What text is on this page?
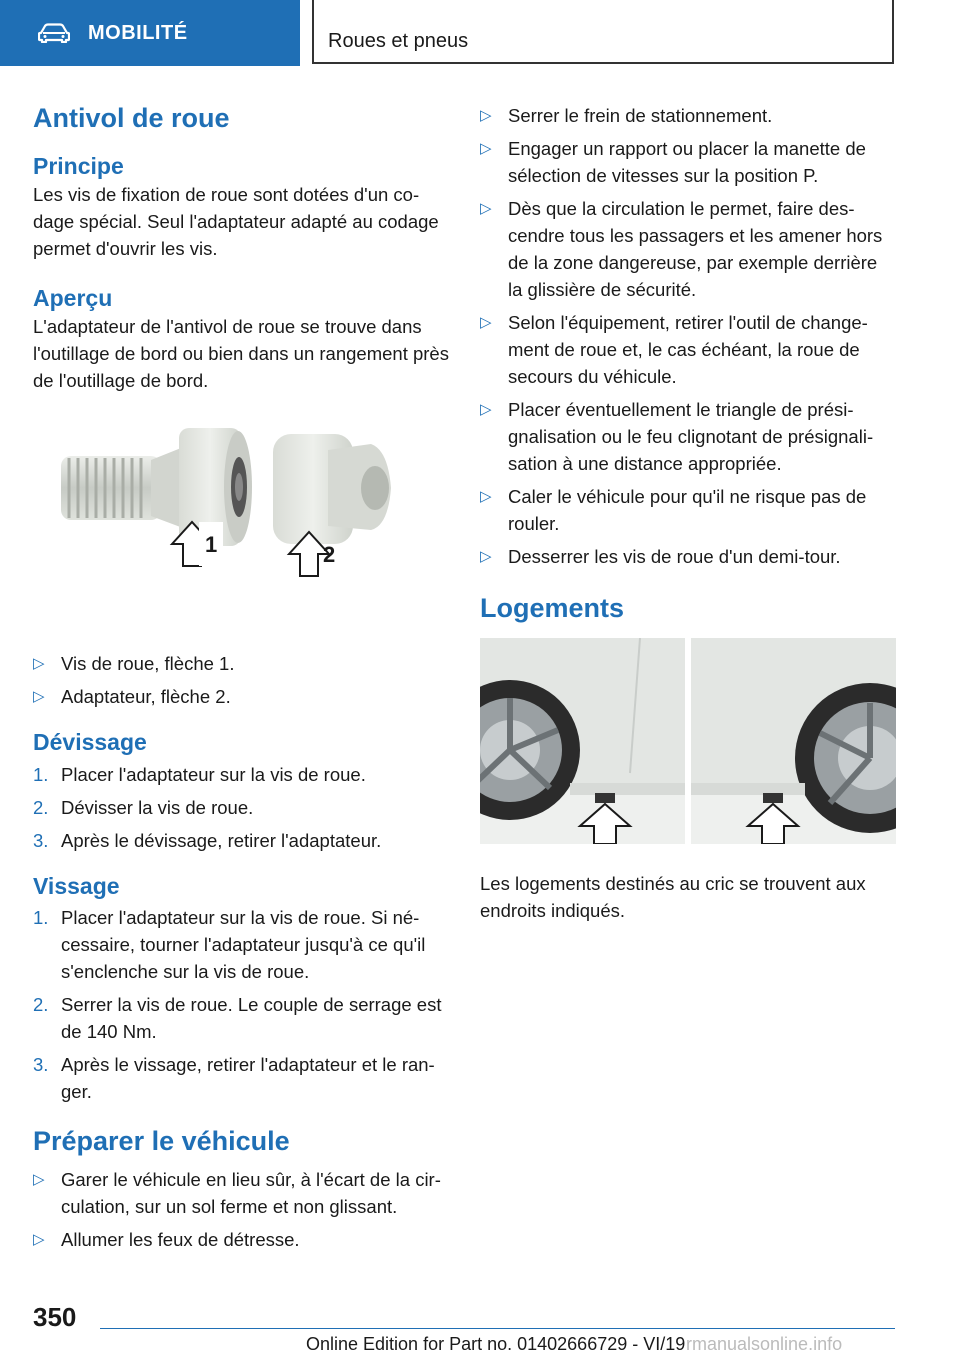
MOBILITÉ	Roues et pneus
Antivol de roue
Principe

Les vis de fixation de roue sont dotées d'un co-dage spécial. Seul l'adaptateur adapté au codage permet d'ouvrir les vis.

Aperçu

L'adaptateur de l'antivol de roue se trouve dans l'outillage de bord ou bien dans un rangement près de l'outillage de bord.

1	2
▷ Vis de roue, flèche 1.
▷ Adaptateur, flèche 2.
Dévissage
1. Placer l'adaptateur sur la vis de roue.
2. Dévisser la vis de roue.
3. Après le dévissage, retirer l'adaptateur.
Vissage
1. Placer l'adaptateur sur la vis de roue. Si né-cessaire, tourner l'adaptateur jusqu'à ce qu'il s'enclenche sur la vis de roue.
2. Serrer la vis de roue. Le couple de serrage est de 140 Nm.
3. Après le vissage, retirer l'adaptateur et le ran-ger.
Préparer le véhicule
▷ Garer le véhicule en lieu sûr, à l'écart de la cir-culation, sur un sol ferme et non glissant.
▷ Allumer les feux de détresse.
▷ Serrer le frein de stationnement.
▷ Engager un rapport ou placer la manette de sélection de vitesses sur la position P.
▷ Dès que la circulation le permet, faire des-cendre tous les passagers et les amener hors de la zone dangereuse, par exemple derrière la glissière de sécurité.
▷ Selon l'équipement, retirer l'outil de change-ment de roue et, le cas échéant, la roue de secours du véhicule.
▷ Placer éventuellement le triangle de prési-gnalisation ou le feu clignotant de présignali-sation à une distance appropriée.
▷ Caler le véhicule pour qu'il ne risque pas de rouler.
▷ Desserrer les vis de roue d'un demi-tour.
Logements

Les logements destinés au cric se trouvent aux endroits indiqués.

350
Online Edition for Part no. 01402666729 - VI/19 rmanualsonline.info
